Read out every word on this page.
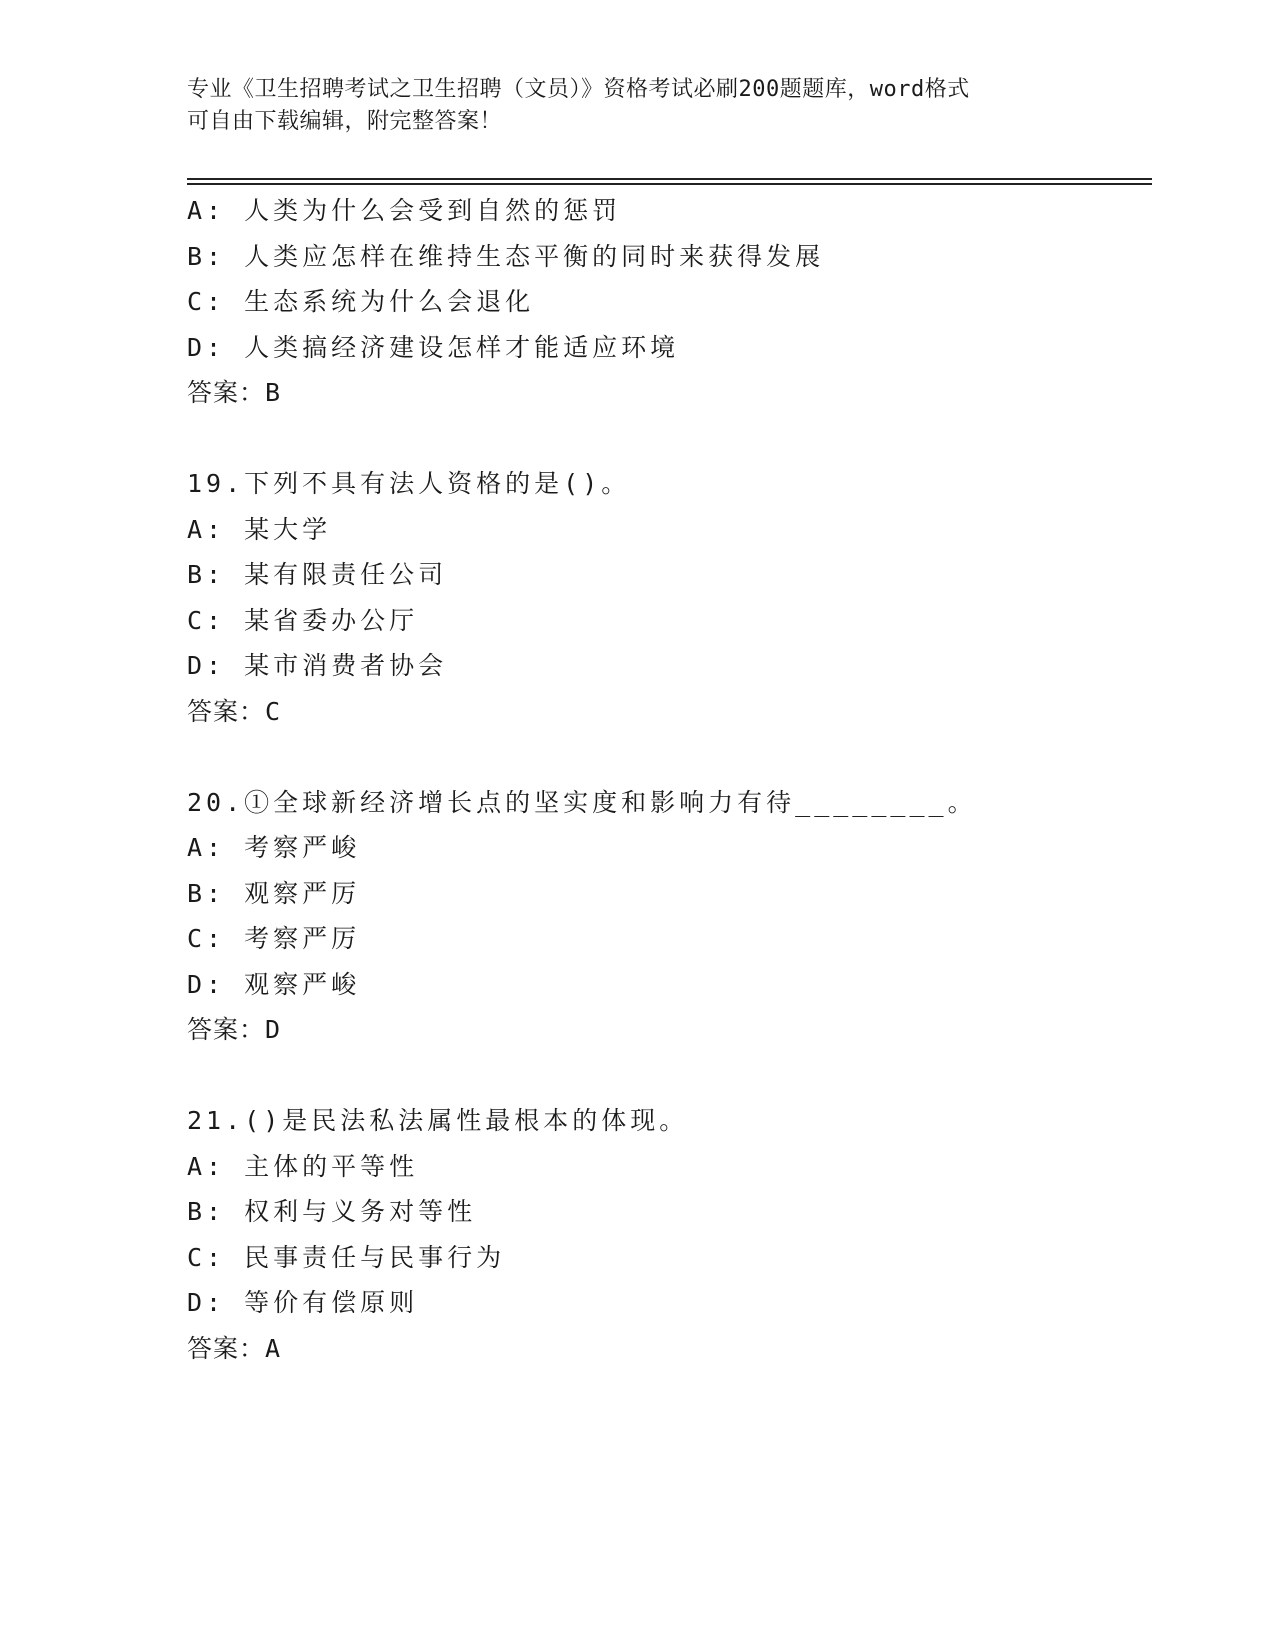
专业《卫生招聘考试之卫生招聘（文员）》资格考试必刷200题题库，word格式
可自由下载编辑，附完整答案！
A: 人类为什么会受到自然的惩罚
B: 人类应怎样在维持生态平衡的同时来获得发展
C: 生态系统为什么会退化
D: 人类搞经济建设怎样才能适应环境
答案：B
19.下列不具有法人资格的是()。
A: 某大学
B: 某有限责任公司
C: 某省委办公厅
D: 某市消费者协会
答案：C
20.①全球新经济增长点的坚实度和影响力有待________。
A: 考察严峻
B: 观察严厉
C: 考察严厉
D: 观察严峻
答案：D
21.()是民法私法属性最根本的体现。
A: 主体的平等性
B: 权利与义务对等性
C: 民事责任与民事行为
D: 等价有偿原则
答案：A
